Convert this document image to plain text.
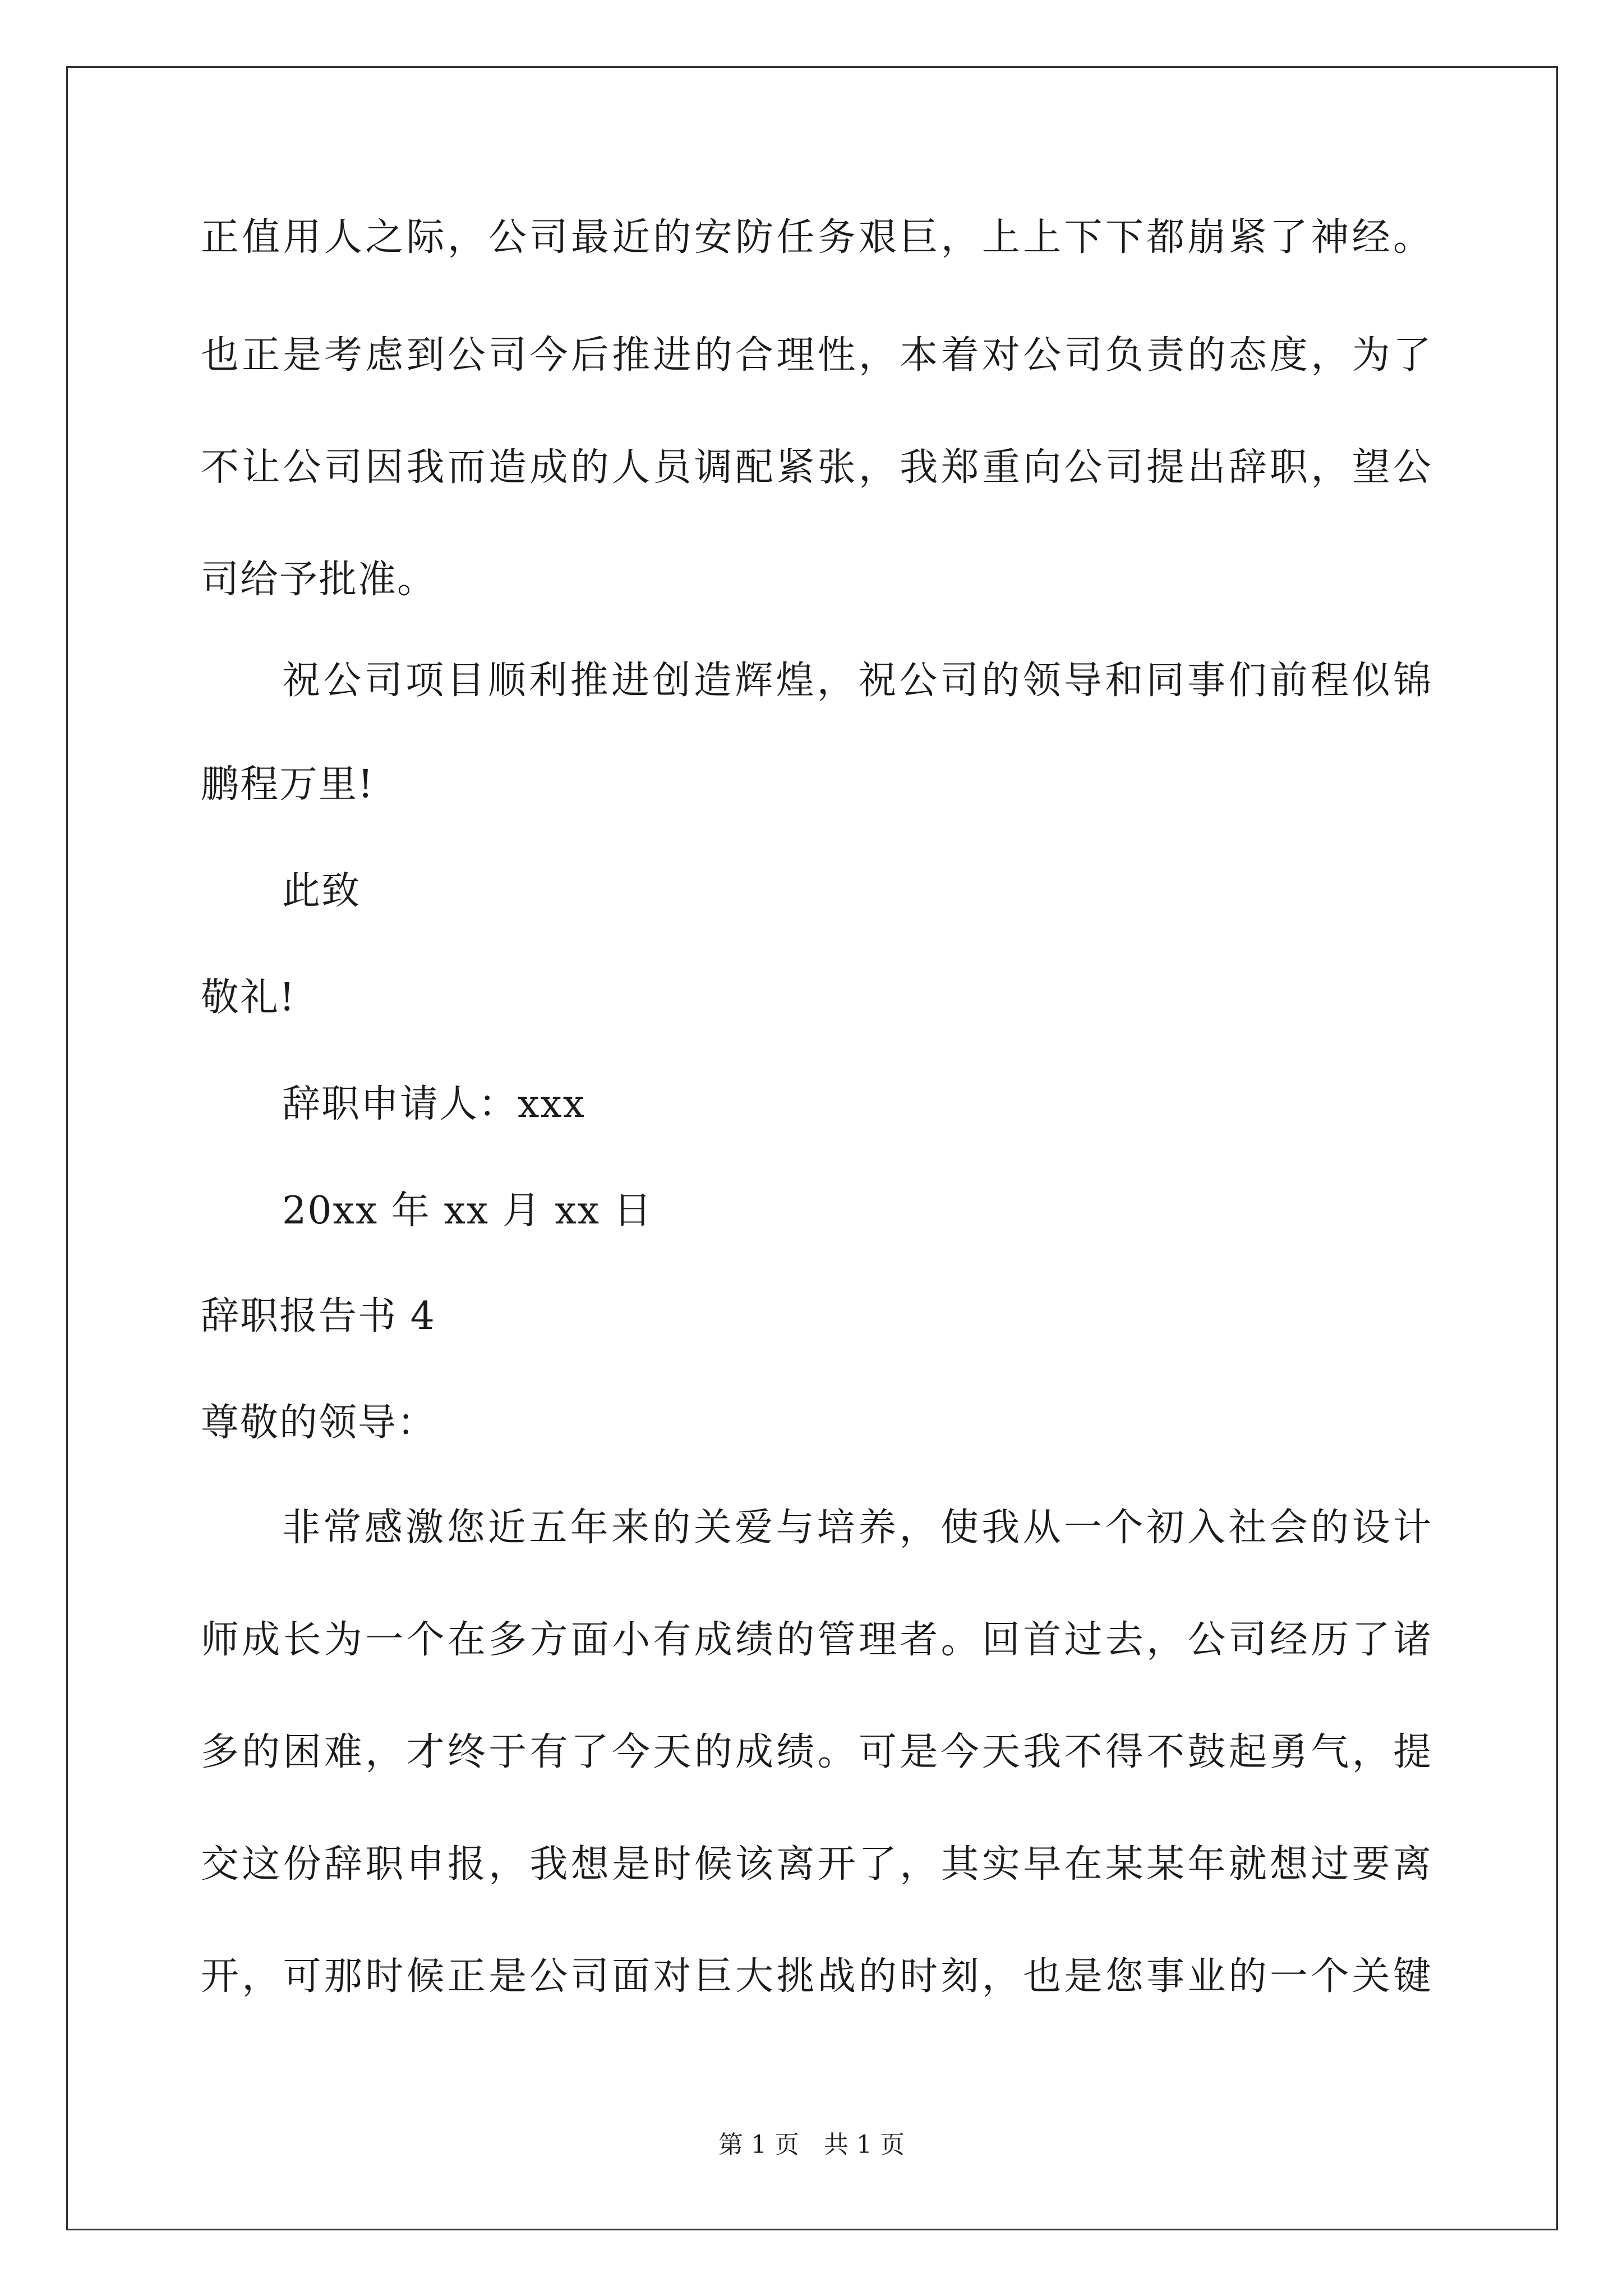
正值用人之际，公司最近的安防任务艰巨，上上下下都崩紧了神经。
也正是考虑到公司今后推进的合理性，本着对公司负责的态度，为了
不让公司因我而造成的人员调配紧张，我郑重向公司提出辞职，望公
司给予批准。
祝公司项目顺利推进创造辉煌，祝公司的领导和同事们前程似锦
鹏程万里!
此致
敬礼!
辞职申请人：xxx
20xx 年 xx 月 xx 日
辞职报告书 4
尊敬的领导：
非常感激您近五年来的关爱与培养，使我从一个初入社会的设计
师成长为一个在多方面小有成绩的管理者。回首过去，公司经历了诸
多的困难，才终于有了今天的成绩。可是今天我不得不鼓起勇气，提
交这份辞职申报，我想是时候该离开了，其实早在某某年就想过要离
开，可那时候正是公司面对巨大挑战的时刻，也是您事业的一个关键
第 1 页 共 1 页
